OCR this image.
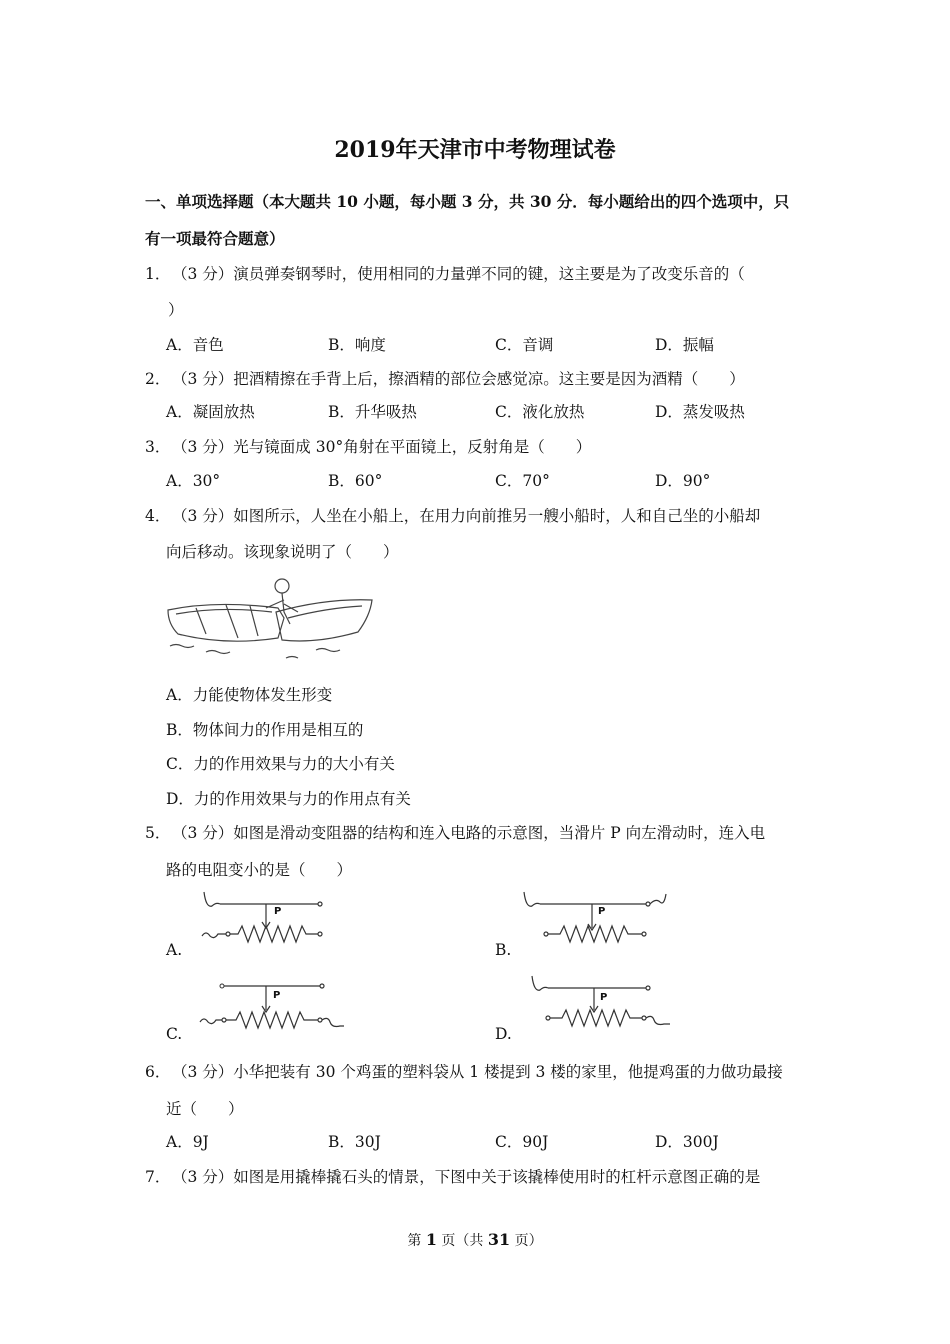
2019年天津市中考物理试卷
一、单项选择题（本大题共 10 小题，每小题 3 分，共 30 分．每小题给出的四个选项中，只
有一项最符合题意）
1． （3 分）演员弹奏钢琴时，使用相同的力量弹不同的键，这主要是为了改变乐音的（
）
A．音色	B．响度	C．音调	D．振幅
2． （3 分）把酒精擦在手背上后，擦酒精的部位会感觉凉。这主要是因为酒精（　　）
A．凝固放热	B．升华吸热	C．液化放热	D．蒸发吸热
3． （3 分）光与镜面成 30°角射在平面镜上，反射角是（　　）
A．30°	B．60°	C．70°	D．90°
4． （3 分）如图所示，人坐在小船上，在用力向前推另一艘小船时，人和自己坐的小船却
向后移动。该现象说明了（　　）
A．力能使物体发生形变
B．物体间力的作用是相互的
C．力的作用效果与力的大小有关
D．力的作用效果与力的作用点有关
5． （3 分）如图是滑动变阻器的结构和连入电路的示意图，当滑片 P 向左滑动时，连入电
路的电阻变小的是（　　）
P
A.
P
B.
P
C.
P
D.
6． （3 分）小华把装有 30 个鸡蛋的塑料袋从 1 楼提到 3 楼的家里，他提鸡蛋的力做功最接
近（　　）
A．9J	B．30J	C．90J	D．300J
7． （3 分）如图是用撬棒撬石头的情景，下图中关于该撬棒使用时的杠杆示意图正确的是
第 1 页（共 31 页）
